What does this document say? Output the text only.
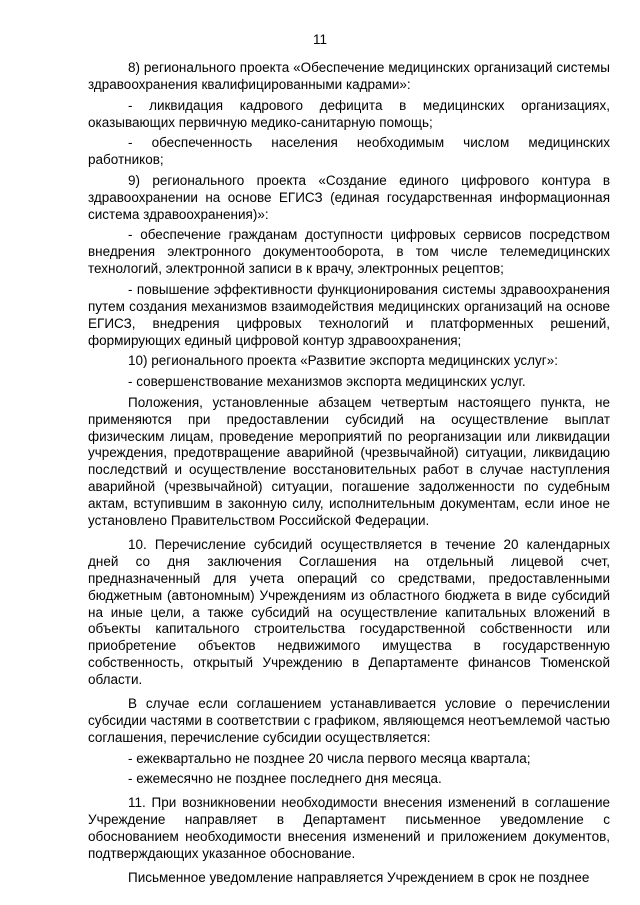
11

8) регионального проекта «Обеспечение медицинских организаций системы здравоохранения квалифицированными кадрами»:

- ликвидация кадрового дефицита в медицинских организациях, оказывающих первичную медико-санитарную помощь;

- обеспеченность населения необходимым числом медицинских работников;

9) регионального проекта «Создание единого цифрового контура в здравоохранении на основе ЕГИСЗ (единая государственная информационная система здравоохранения)»:

- обеспечение гражданам доступности цифровых сервисов посредством внедрения электронного документооборота, в том числе телемедицинских технологий, электронной записи в к врачу, электронных рецептов;

- повышение эффективности функционирования системы здравоохранения путем создания механизмов взаимодействия медицинских организаций на основе ЕГИСЗ, внедрения цифровых технологий и платформенных решений, формирующих единый цифровой контур здравоохранения;

10) регионального проекта «Развитие экспорта медицинских услуг»:

- совершенствование механизмов экспорта медицинских услуг.

Положения, установленные абзацем четвертым настоящего пункта, не применяются при предоставлении субсидий на осуществление выплат физическим лицам, проведение мероприятий по реорганизации или ликвидации учреждения, предотвращение аварийной (чрезвычайной) ситуации, ликвидацию последствий и осуществление восстановительных работ в случае наступления аварийной (чрезвычайной) ситуации, погашение задолженности по судебным актам, вступившим в законную силу, исполнительным документам, если иное не установлено Правительством Российской Федерации.

10. Перечисление субсидий осуществляется в течение 20 календарных дней со дня заключения Соглашения на отдельный лицевой счет, предназначенный для учета операций со средствами, предоставленными бюджетным (автономным) Учреждениям из областного бюджета в виде субсидий на иные цели, а также субсидий на осуществление капитальных вложений в объекты капитального строительства государственной собственности или приобретение объектов недвижимого имущества в государственную собственность, открытый Учреждению в Департаменте финансов Тюменской области.

В случае если соглашением устанавливается условие о перечислении субсидии частями в соответствии с графиком, являющемся неотъемлемой частью соглашения, перечисление субсидии осуществляется:

- ежеквартально не позднее 20 числа первого месяца квартала;

- ежемесячно не позднее последнего дня месяца.

11. При возникновении необходимости внесения изменений в соглашение Учреждение направляет в Департамент письменное уведомление с обоснованием необходимости внесения изменений и приложением документов, подтверждающих указанное обоснование.

Письменное уведомление направляется Учреждением в срок не позднее
